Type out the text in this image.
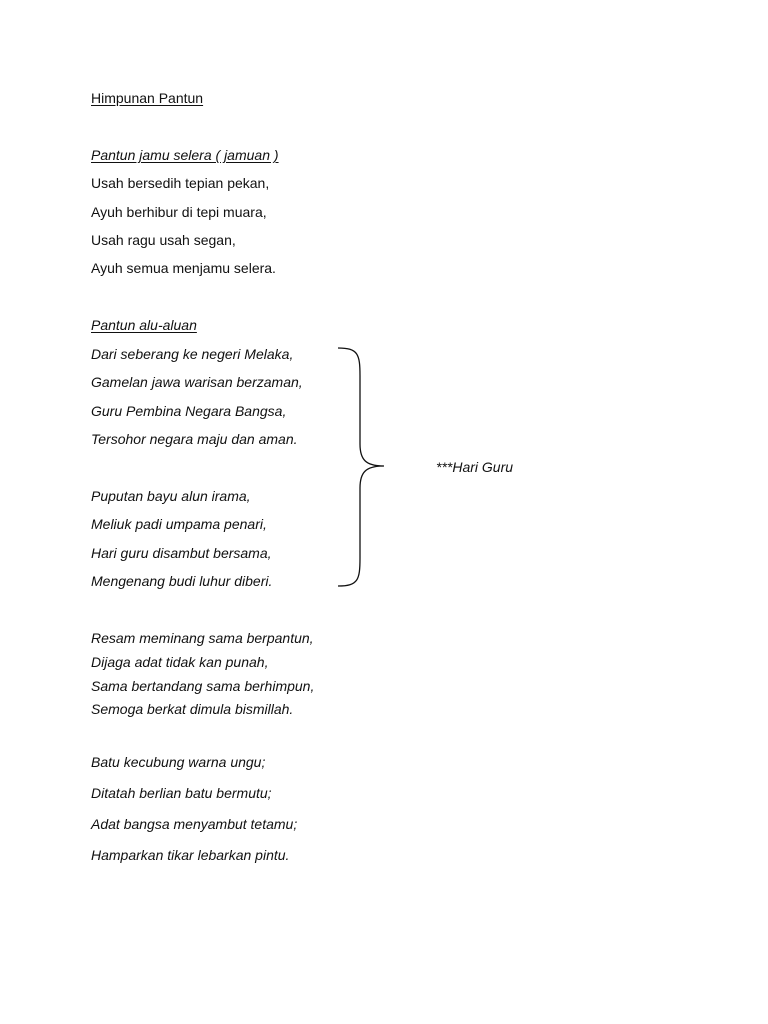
Himpunan Pantun

Pantun jamu selera ( jamuan )

Usah bersedih tepian pekan,

Ayuh berhibur di tepi muara,

Usah ragu usah segan,

Ayuh semua menjamu selera.

Pantun alu-aluan

Dari seberang ke negeri Melaka,

Gamelan jawa warisan berzaman,

Guru Pembina Negara Bangsa,

Tersohor negara maju dan aman.

Puputan bayu alun irama,

Meliuk padi umpama penari,

Hari guru disambut bersama,

Mengenang budi luhur diberi.

***Hari Guru

Resam meminang sama berpantun,

Dijaga adat tidak kan punah,

Sama bertandang sama berhimpun,

Semoga berkat dimula bismillah.

Batu kecubung warna ungu;

Ditatah berlian batu bermutu;

Adat bangsa menyambut tetamu;

Hamparkan tikar lebarkan pintu.
